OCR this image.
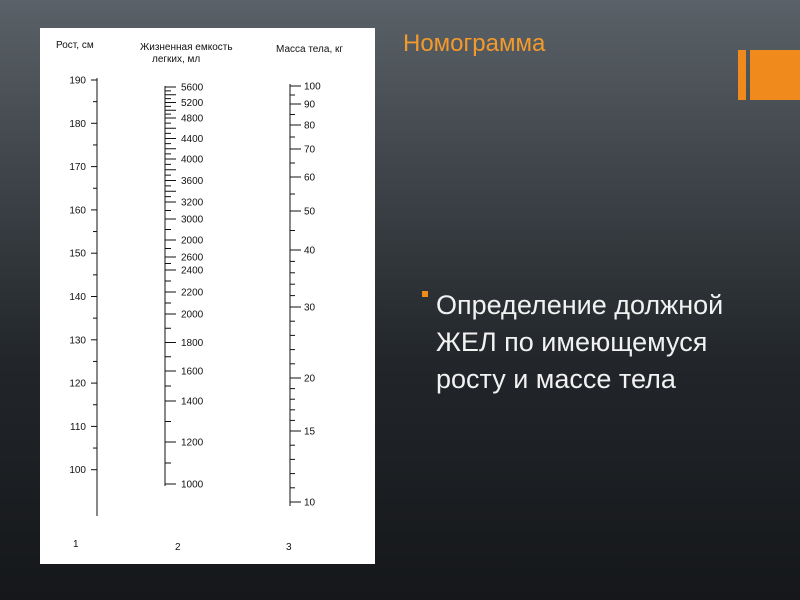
Номограмма
Рост, см	Жизненная емкость
легких, мл
Масса тела, кг
190
180
170
160
150
140
130
120
110
100
5600
5200
4800
4400
4000
3600
3200
3000
2000
2600
2400
2200
2000
1800
1600
1400
1200
1000
100
90
80
70
60
50
40
30
20
15
10
1	2	3
Определение должной ЖЕЛ по имеющемуся росту и массе тела
